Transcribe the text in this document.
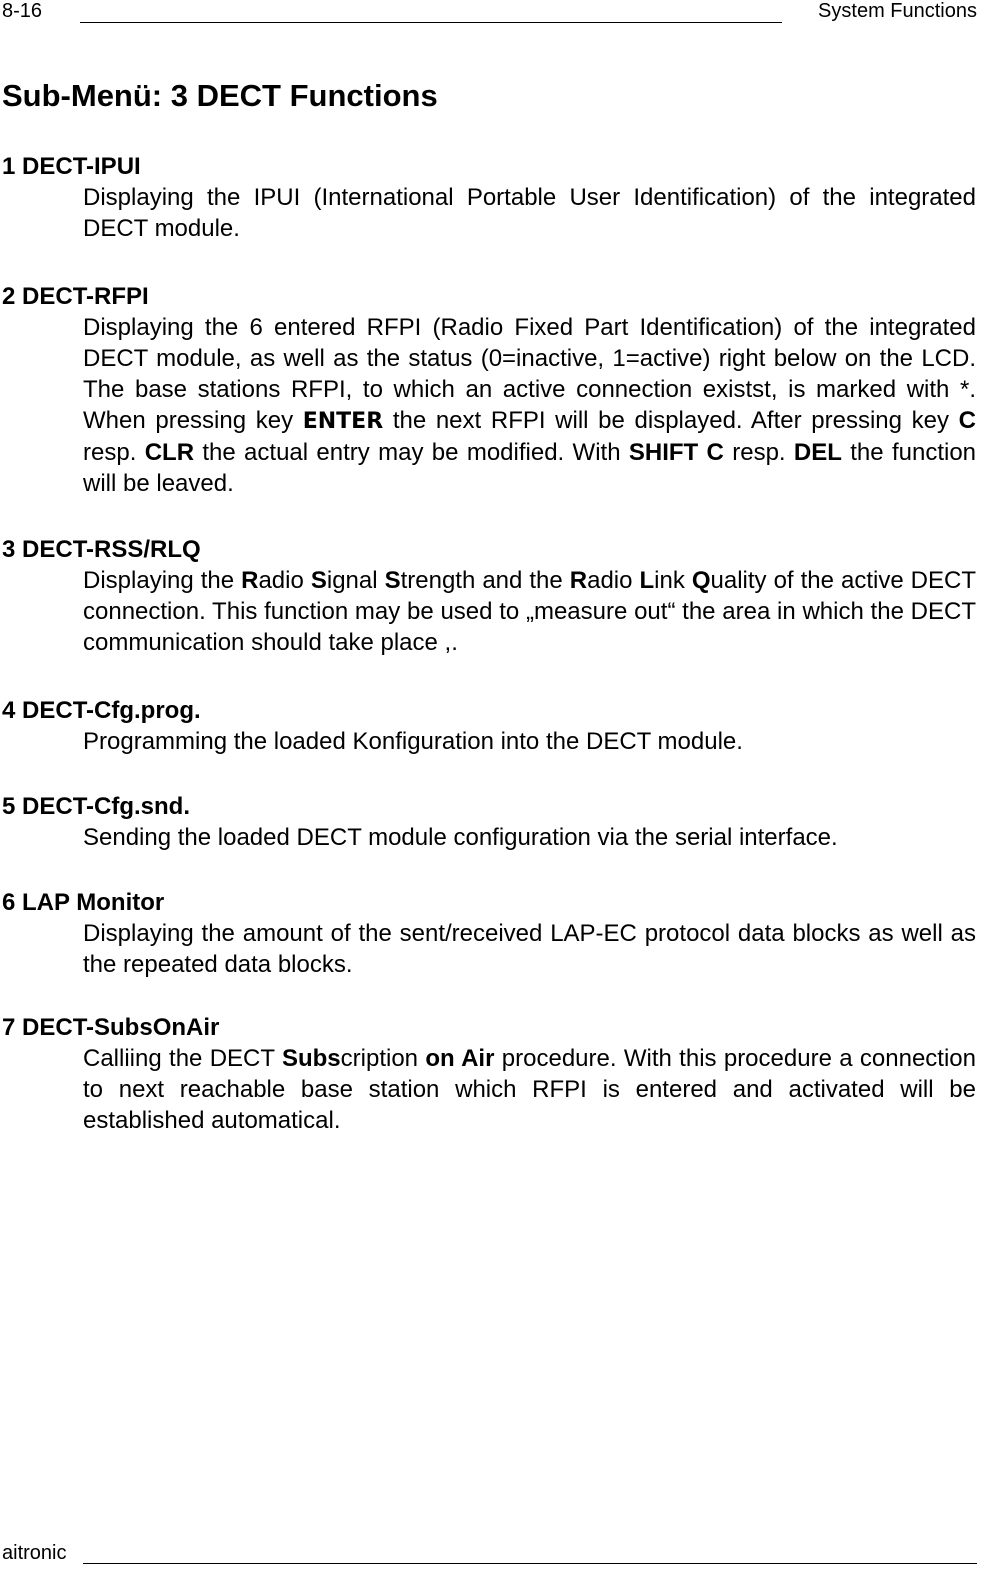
8-16	System Functions
Sub-Menü: 3 DECT Functions
1 DECT-IPUI

Displaying the IPUI (International Portable User Identification) of the integrated DECT module.

2 DECT-RFPI

Displaying the 6 entered RFPI (Radio Fixed Part Identification) of the integrated DECT module, as well as the status (0=inactive, 1=active) right below on the LCD. The base stations RFPI, to which an active connection existst, is marked with *. When pressing key ENTER the next RFPI will be displayed. After pressing key C resp. CLR the actual entry may be modified. With SHIFT C resp. DEL the function will be leaved.

3 DECT-RSS/RLQ

Displaying the Radio Signal Strength and the Radio Link Quality of the active DECT connection. This function may be used to „measure out“ the area in which the DECT communication should take place ,.

4 DECT-Cfg.prog.

Programming the loaded Konfiguration into the DECT module.

5 DECT-Cfg.snd.

Sending the loaded DECT module configuration via the serial interface.

6 LAP Monitor

Displaying the amount of the sent/received LAP-EC protocol data blocks as well as the repeated data blocks.

7 DECT-SubsOnAir

Calliing the DECT Subscription on Air procedure. With this procedure a connection to next reachable base station which RFPI is entered and activated will be established automatical.

aitronic
